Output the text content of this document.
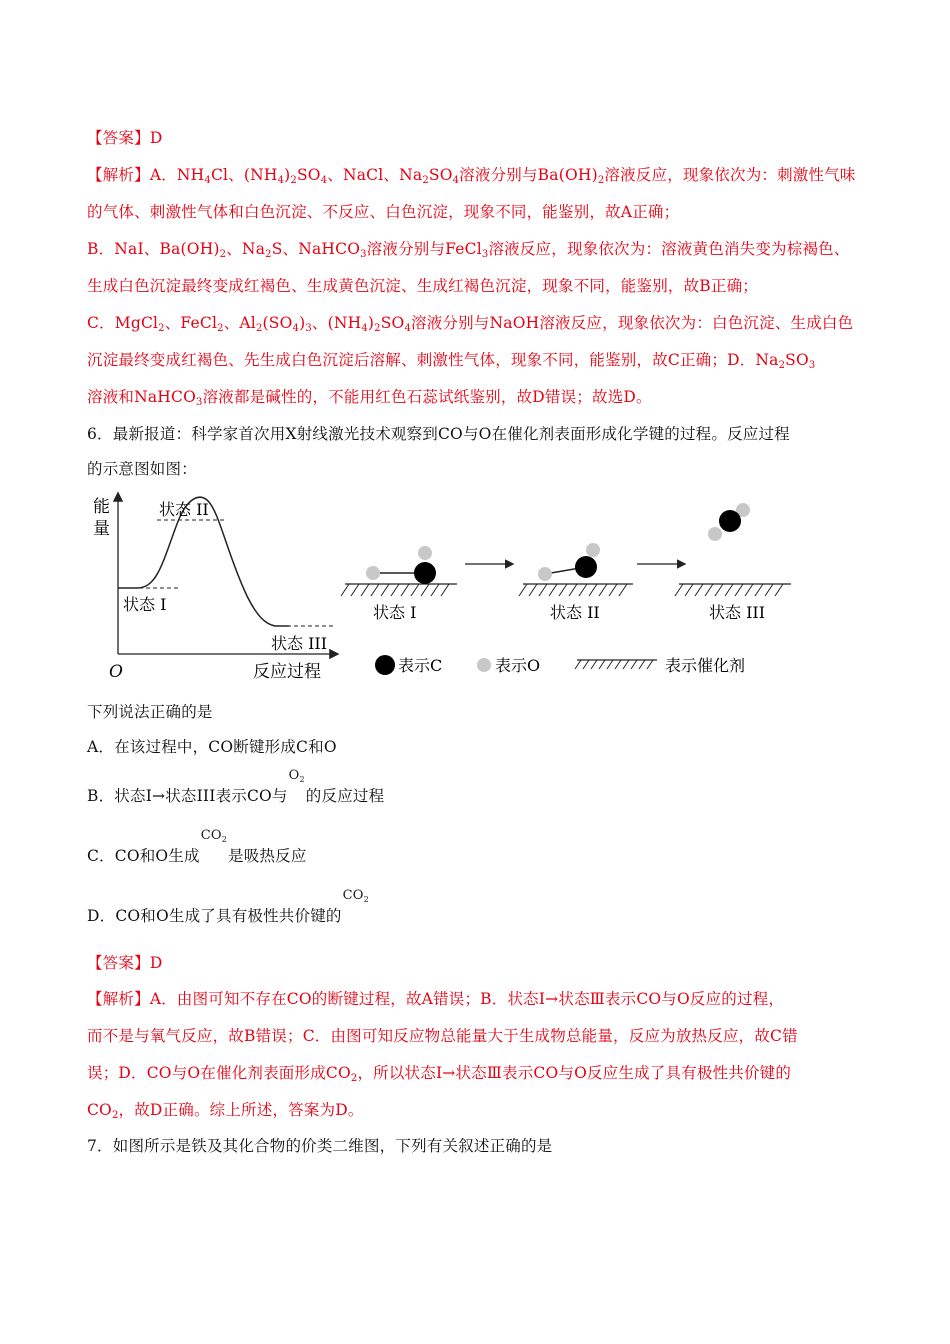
【答案】D
【解析】A．$NH_4Cl$、$(NH_4)_2SO_4$、NaCl、$Na_2SO_4$溶液分别与$Ba(OH)_2$溶液反应，现象依次为：刺激性气味
的气体、刺激性气体和白色沉淀、不反应、白色沉淀，现象不同，能鉴别，故A正确；
B．NaI、$Ba(OH)_2$、$Na_2S$、NaHCO$_3$溶液分别与FeCl$_3$溶液反应，现象依次为：溶液黄色消失变为棕褐色、
生成白色沉淀最终变成红褐色、生成黄色沉淀、生成红褐色沉淀，现象不同，能鉴别，故B正确；
C．MgCl$_2$、FeCl$_2$、$Al_2(SO_4)_3$、$(NH_4)_2SO_4$溶液分别与NaOH溶液反应，现象依次为：白色沉淀、生成白色
沉淀最终变成红褐色、先生成白色沉淀后溶解、刺激性气体，现象不同，能鉴别，故C正确；D．$Na_2SO_3$
溶液和NaHCO$_3$溶液都是碱性的，不能用红色石蕊试纸鉴别，故D错误；故选D。
6．最新报道：科学家首次用X射线激光技术观察到CO与O在催化剂表面形成化学键的过程。反应过程
的示意图如图：
能
量
O	反应过程
状态 II
状态 I
状态 III
状态 I	状态 II	状态 III
表示C	表示O	表示催化剂
下列说法正确的是
A．在该过程中，CO断键形成C和O
B．状态Ⅰ→状态III表示CO与$O_2$的反应过程
C．CO和O生成$CO_2$是吸热反应
D．CO和O生成了具有极性共价键的$CO_2$
【答案】D
【解析】A．由图可知不存在CO的断键过程，故A错误；B．状态Ⅰ→状态Ⅲ表示CO与O反应的过程，
而不是与氧气反应，故B错误；C．由图可知反应物总能量大于生成物总能量，反应为放热反应，故C错
误；D．CO与O在催化剂表面形成$CO_2$，所以状态Ⅰ→状态Ⅲ表示CO与O反应生成了具有极性共价键的
$CO_2$，故D正确。综上所述，答案为D。
7．如图所示是铁及其化合物的价类二维图，下列有关叙述正确的是
